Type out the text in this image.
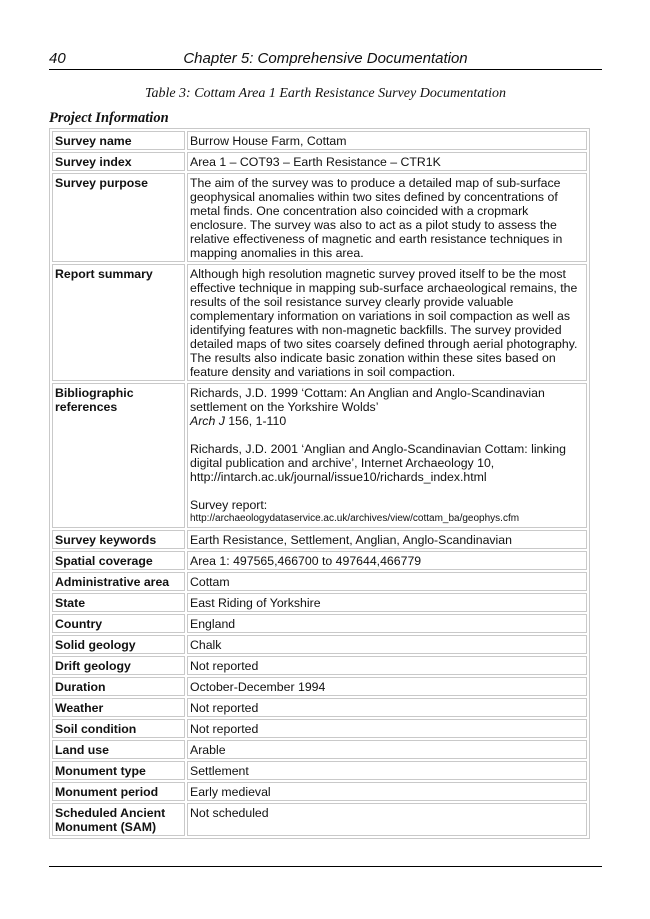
40	Chapter 5: Comprehensive Documentation
Table 3: Cottam Area 1 Earth Resistance Survey Documentation
Project Information
Survey name	Burrow House Farm, Cottam
Survey index	Area 1 – COT93 – Earth Resistance – CTR1K
Survey purpose	The aim of the survey was to produce a detailed map of sub-surface geophysical anomalies within two sites defined by concentrations of metal finds. One concentration also coincided with a cropmark enclosure. The survey was also to act as a pilot study to assess the relative effectiveness of magnetic and earth resistance techniques in mapping anomalies in this area.
Report summary	Although high resolution magnetic survey proved itself to be the most effective technique in mapping sub-surface archaeological remains, the results of the soil resistance survey clearly provide valuable complementary information on variations in soil compaction as well as identifying features with non-magnetic backfills. The survey provided detailed maps of two sites coarsely defined through aerial photography. The results also indicate basic zonation within these sites based on feature density and variations in soil compaction.
Bibliographic references	Richards, J.D. 1999 ‘Cottam: An Anglian and Anglo-Scandinavian settlement on the Yorkshire Wolds’
Arch J 156, 1-110
Richards, J.D. 2001 ‘Anglian and Anglo-Scandinavian Cottam: linking digital publication and archive’, Internet Archaeology 10, http://intarch.ac.uk/journal/issue10/richards_index.html
Survey report:
http://archaeologydataservice.ac.uk/archives/view/cottam_ba/geophys.cfm

Survey keywords	Earth Resistance, Settlement, Anglian, Anglo-Scandinavian
Spatial coverage	Area 1: 497565,466700 to 497644,466779
Administrative area	Cottam
State	East Riding of Yorkshire
Country	England
Solid geology	Chalk
Drift geology	Not reported
Duration	October-December 1994
Weather	Not reported
Soil condition	Not reported
Land use	Arable
Monument type	Settlement
Monument period	Early medieval
Scheduled Ancient Monument (SAM)	Not scheduled
